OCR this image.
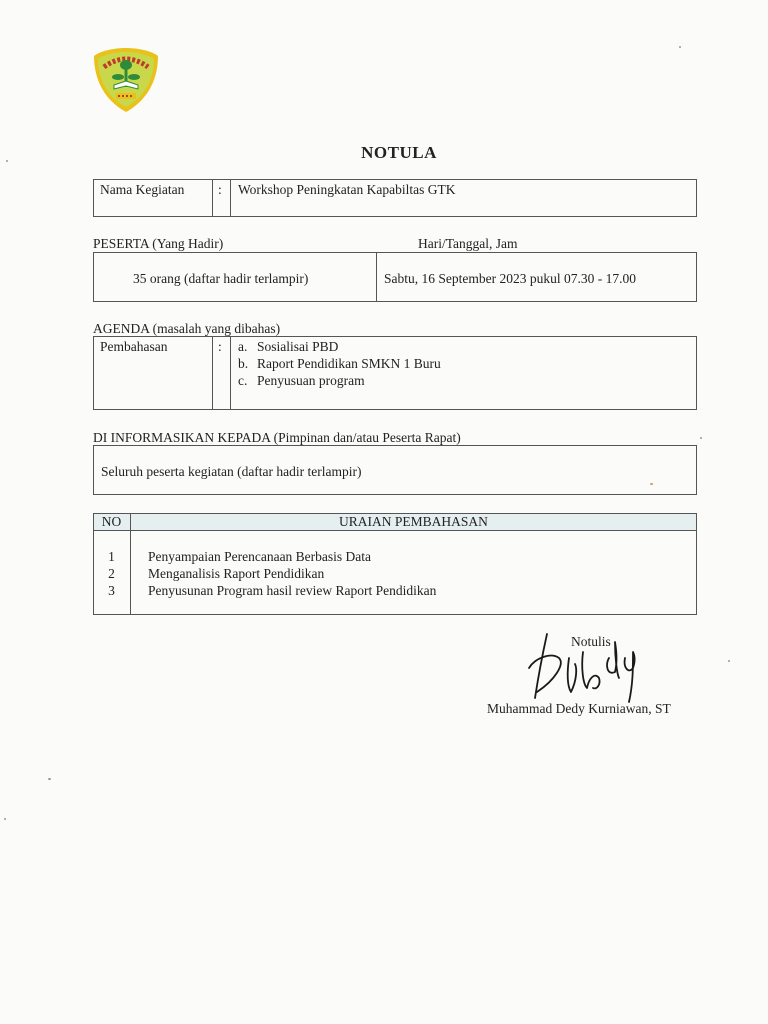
NOTULA
Nama Kegiatan : Workshop Peningkatan Kapabiltas GTK
PESERTA (Yang Hadir)	Hari/Tanggal, Jam
35 orang (daftar hadir terlampir)	Sabtu, 16 September 2023 pukul 07.30 - 17.00
AGENDA (masalah yang dibahas)
Pembahasan	: a. Sosialisai PBD
b. Raport Pendidikan SMKN 1 Buru
c. Penyusuan program
DI INFORMASIKAN KEPADA (Pimpinan dan/atau Peserta Rapat)
Seluruh peserta kegiatan (daftar hadir terlampir)
NO	URAIAN PEMBAHASAN
1	Penyampaian Perencanaan Berbasis Data
2	Menganalisis Raport Pendidikan
3	Penyusunan Program hasil review Raport Pendidikan
Notulis
Muhammad Dedy Kurniawan, ST
